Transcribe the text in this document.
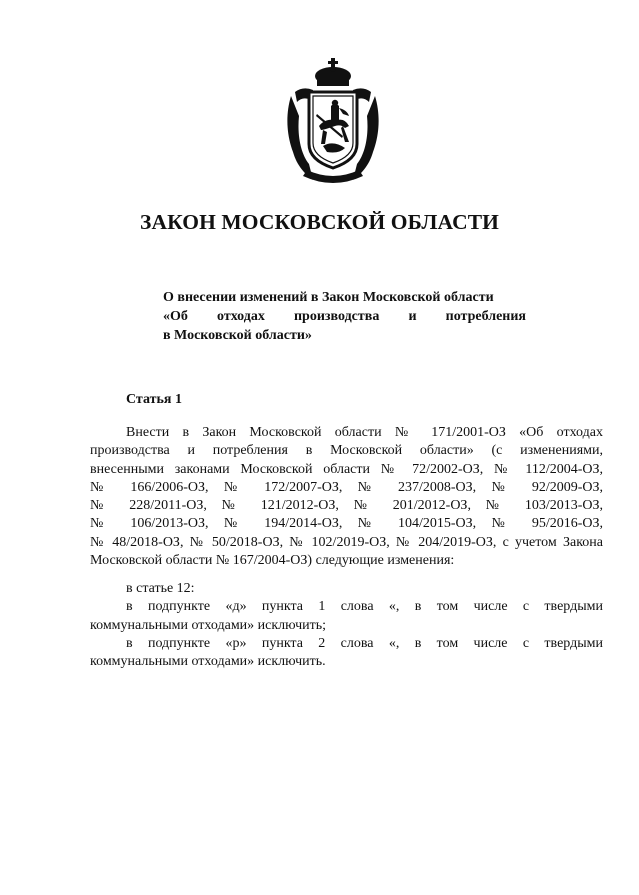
ЗАКОН МОСКОВСКОЙ ОБЛАСТИ
О внесении изменений в Закон Московской области
«Об отходах производства и потребления
в Московской области»
Статья 1
Внести в Закон Московской области № 171/2001-ОЗ «Об отходах
производства и потребления в Московской области» (с изменениями,
внесенными законами Московской области № 72/2002-ОЗ, № 112/2004-ОЗ,
№ 166/2006-ОЗ, № 172/2007-ОЗ, № 237/2008-ОЗ, № 92/2009-ОЗ,
№ 228/2011-ОЗ, № 121/2012-ОЗ, № 201/2012-ОЗ, № 103/2013-ОЗ,
№ 106/2013-ОЗ, № 194/2014-ОЗ, № 104/2015-ОЗ, № 95/2016-ОЗ,
№ 48/2018-ОЗ, № 50/2018-ОЗ, № 102/2019-ОЗ, № 204/2019-ОЗ, с учетом Закона
Московской области № 167/2004-ОЗ) следующие изменения:
в статье 12:
в подпункте «д» пункта 1 слова «, в том числе с твердыми
коммунальными отходами» исключить;
в подпункте «р» пункта 2 слова «, в том числе с твердыми
коммунальными отходами» исключить.
